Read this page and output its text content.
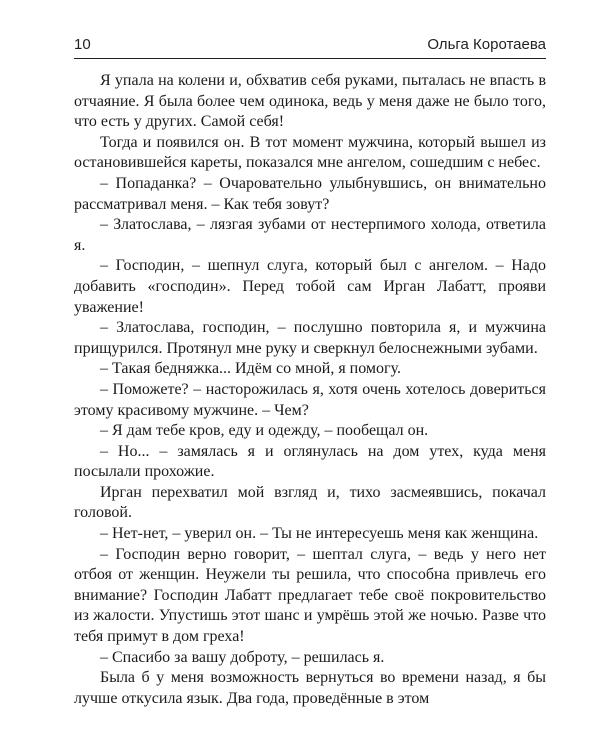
10	Ольга Коротаева

Я упала на колени и, обхватив себя руками, пыталась не впасть в отчаяние. Я была более чем одинока, ведь у меня даже не было того, что есть у других. Самой себя!

Тогда и появился он. В тот момент мужчина, который вышел из остановившейся кареты, показался мне ангелом, сошедшим с небес.

– Попаданка? – Очаровательно улыбнувшись, он внимательно рассматривал меня. – Как тебя зовут?

– Златослава, – лязгая зубами от нестерпимого холода, ответила я.

– Господин, – шепнул слуга, который был с ангелом. – Надо добавить «господин». Перед тобой сам Ирган Лабатт, прояви уважение!

– Златослава, господин, – послушно повторила я, и мужчина прищурился. Протянул мне руку и сверкнул белоснежными зубами.

– Такая бедняжка... Идём со мной, я помогу.

– Поможете? – насторожилась я, хотя очень хотелось довериться этому красивому мужчине. – Чем?

– Я дам тебе кров, еду и одежду, – пообещал он.

– Но... – замялась я и оглянулась на дом утех, куда меня посылали прохожие.

Ирган перехватил мой взгляд и, тихо засмеявшись, покачал головой.

– Нет-нет, – уверил он. – Ты не интересуешь меня как женщина.

– Господин верно говорит, – шептал слуга, – ведь у него нет отбоя от женщин. Неужели ты решила, что способна привлечь его внимание? Господин Лабатт предлагает тебе своё покровительство из жалости. Упустишь этот шанс и умрёшь этой же ночью. Разве что тебя примут в дом греха!

– Спасибо за вашу доброту, – решилась я.

Была б у меня возможность вернуться во времени назад, я бы лучше откусила язык. Два года, проведённые в этом
